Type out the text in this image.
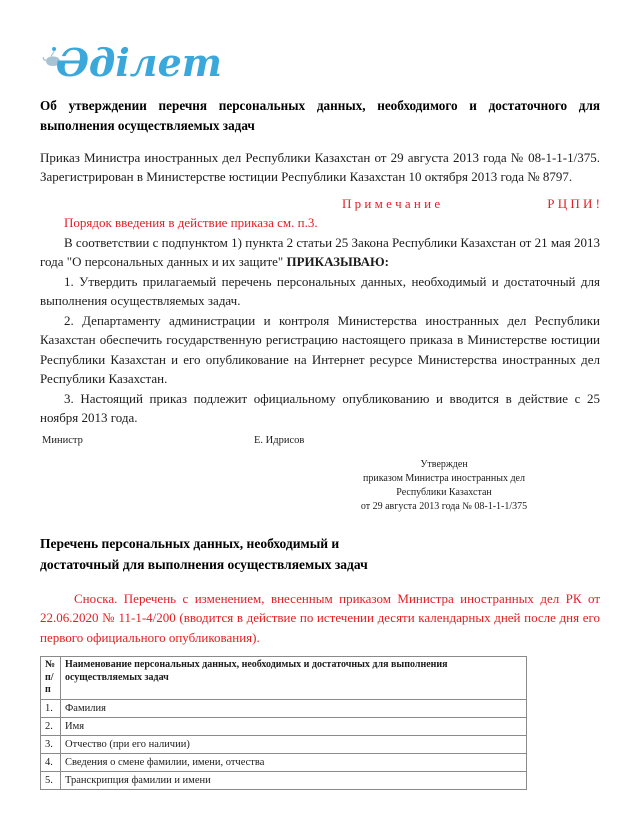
Әділет
Об утверждении перечня персональных данных, необходимого и достаточного для выполнения осуществляемых задач

Приказ Министра иностранных дел Республики Казахстан от 29 августа 2013 года № 08-1-1-1/375. Зарегистрирован в Министерстве юстиции Республики Казахстан 10 октября 2013 года № 8797.

П р и м е ч а н и е	Р Ц П И !

Порядок введения в действие приказа см. п.3.

В соответствии с подпунктом 1) пункта 2 статьи 25 Закона Республики Казахстан от 21 мая 2013 года "О персональных данных и их защите" ПРИКАЗЫВАЮ:

1. Утвердить прилагаемый перечень персональных данных, необходимый и достаточный для выполнения осуществляемых задач.

2. Департаменту администрации и контроля Министерства иностранных дел Республики Казахстан обеспечить государственную регистрацию настоящего приказа в Министерстве юстиции Республики Казахстан и его опубликование на Интернет ресурсе Министерства иностранных дел Республики Казахстан.

3. Настоящий приказ подлежит официальному опубликованию и вводится в действие с 25 ноября 2013 года.

Министр	Е. Идрисов
Утвержден
приказом Министра иностранных дел
Республики Казахстан
от 29 августа 2013 года № 08-1-1-1/375
Перечень персональных данных, необходимый и
достаточный для выполнения осуществляемых задач

Сноска. Перечень с изменением, внесенным приказом Министра иностранных дел РК от 22.06.2020 № 11-1-4/200 (вводится в действие по истечении десяти календарных дней после дня его первого официального опубликования).

№ п/п	Наименование персональных данных, необходимых и достаточных для выполнения осуществляемых задач
1.	Фамилия
2.	Имя
3.	Отчество (при его наличии)
4.	Сведения о смене фамилии, имени, отчества
5.	Транскрипция фамилии и имени
